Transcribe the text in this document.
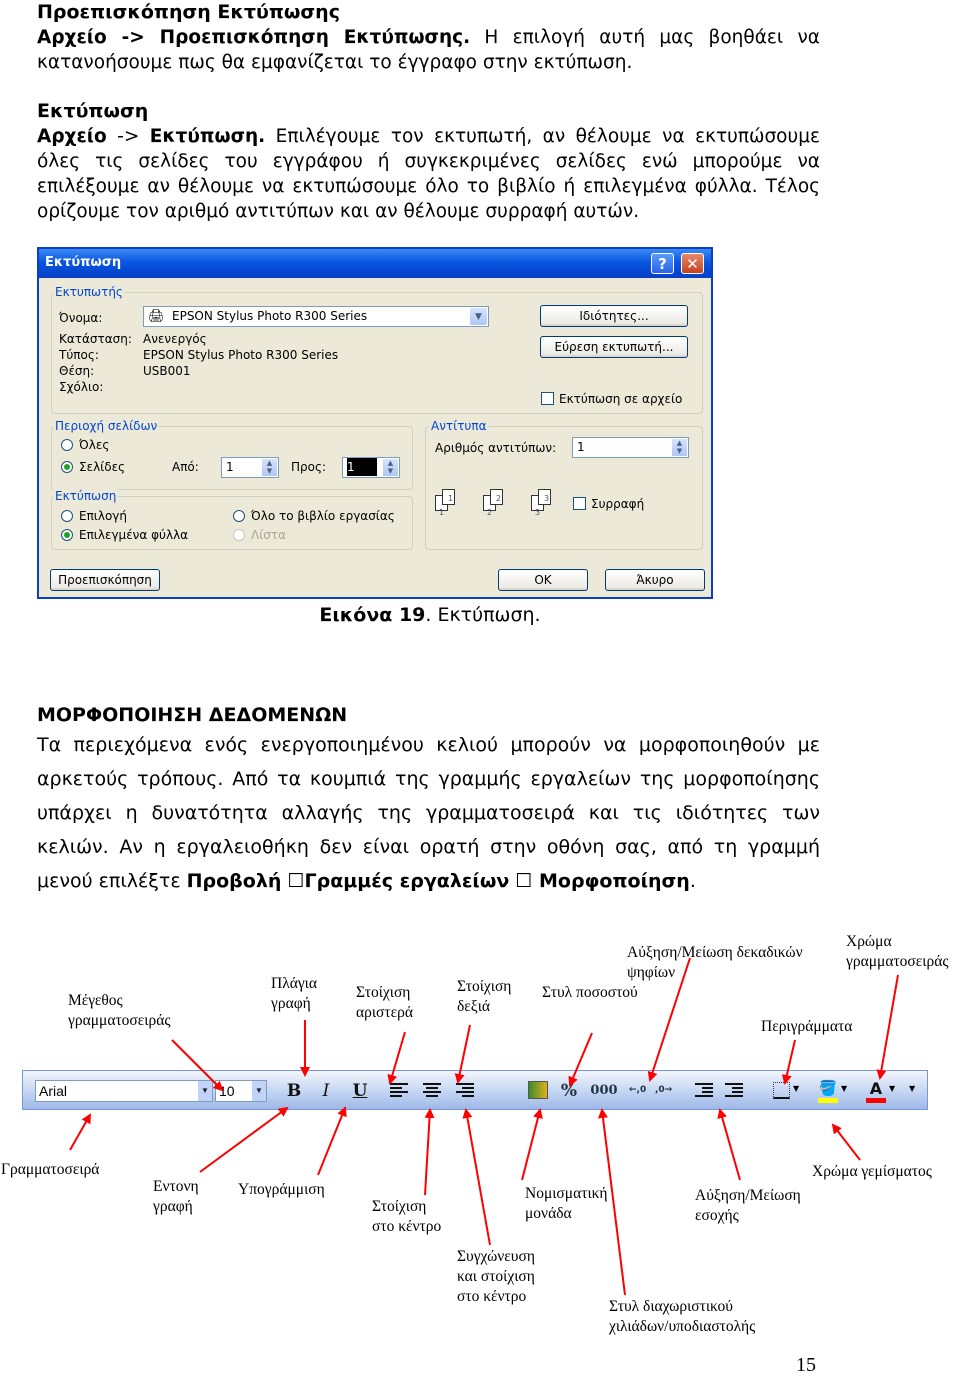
Προεπισκόπηση Εκτύπωσης
Αρχείο -> Προεπισκόπηση Εκτύπωσης. Η επιλογή αυτή μας βοηθάει να κατανοήσουμε πως θα εμφανίζεται το έγγραφο στην εκτύπωση.
Εκτύπωση
Αρχείο -> Εκτύπωση. Επιλέγουμε τον εκτυπωτή, αν θέλουμε να εκτυπώσουμε όλες τις σελίδες του εγγράφου ή συγκεκριμένες σελίδες ενώ μπορούμε να επιλέξουμε αν θέλουμε να εκτυπώσουμε όλο το βιβλίο ή επιλεγμένα φύλλα. Τέλος ορίζουμε τον αριθμό αντιτύπων και αν θέλουμε συρραφή αυτών.
Εκτύπωση	?	✕
Εκτυπωτής
Όνομα:	🖨 EPSON Stylus Photo R300 Series	▼	Ιδιότητες...
Εύρεση εκτυπωτή...
Κατάσταση: Ανενεργός
Τύπος:	EPSON Stylus Photo R300 Series
Θέση:	USB001
Σχόλιο:
Εκτύπωση σε αρχείο
Περιοχή σελίδων
Όλες
Σελίδες	Από:	1	▲
▼	Προς:	1	▲
▼
Εκτύπωση
Επιλογή
Επιλεγμένα φύλλα
Όλο το βιβλίο εργασίας
Λίστα
Αντίτυπα
Αριθμός αντιτύπων:	1	▲
▼
1
1
2
2
3
3	Συρραφή
Προεπισκόπηση	ΟΚ	Άκυρο
Εικόνα 19. Εκτύπωση.
ΜΟΡΦΟΠΟΙΗΣΗ ΔΕΔΟΜΕΝΩΝ
Τα περιεχόμενα ενός ενεργοποιημένου κελιού μπορούν να μορφοποιηθούν με αρκετούς τρόπους. Από τα κουμπιά της γραμμής εργαλείων της μορφοποίησης υπάρχει η δυνατότητα αλλαγής της γραμματοσειρά και τις ιδιότητες των κελιών. Αν η εργαλειοθήκη δεν είναι ορατή στην οθόνη σας, από τη γραμμή μενού επιλέξτε Προβολή ☐Γραμμές εργαλείων ☐ Μορφοποίηση.
Arial	▼ 10	▼ B	I	U	% 000 ←,0 ,0→	▼ 🪣 ▼ A ▼ ▼
Μέγεθος
γραμματοσειράς
Πλάγια
γραφή
Στοίχιση
αριστερά
Στοίχιση
δεξιά
Στυλ ποσοστού
Αύξηση/Μείωση δεκαδικών
ψηφίων
Περιγράμματα
Χρώμα
γραμματοσειράς
Γραμματοσειρά
Εντονη
γραφή
Υπογράμμιση
Στοίχιση
στο κέντρο
Συγχώνευση
και στοίχιση
στο κέντρο
Νομισματική
μονάδα
Στυλ διαχωριστικού
χιλιάδων/υποδιαστολής
Αύξηση/Μείωση
εσοχής
Χρώμα γεμίσματος
15
